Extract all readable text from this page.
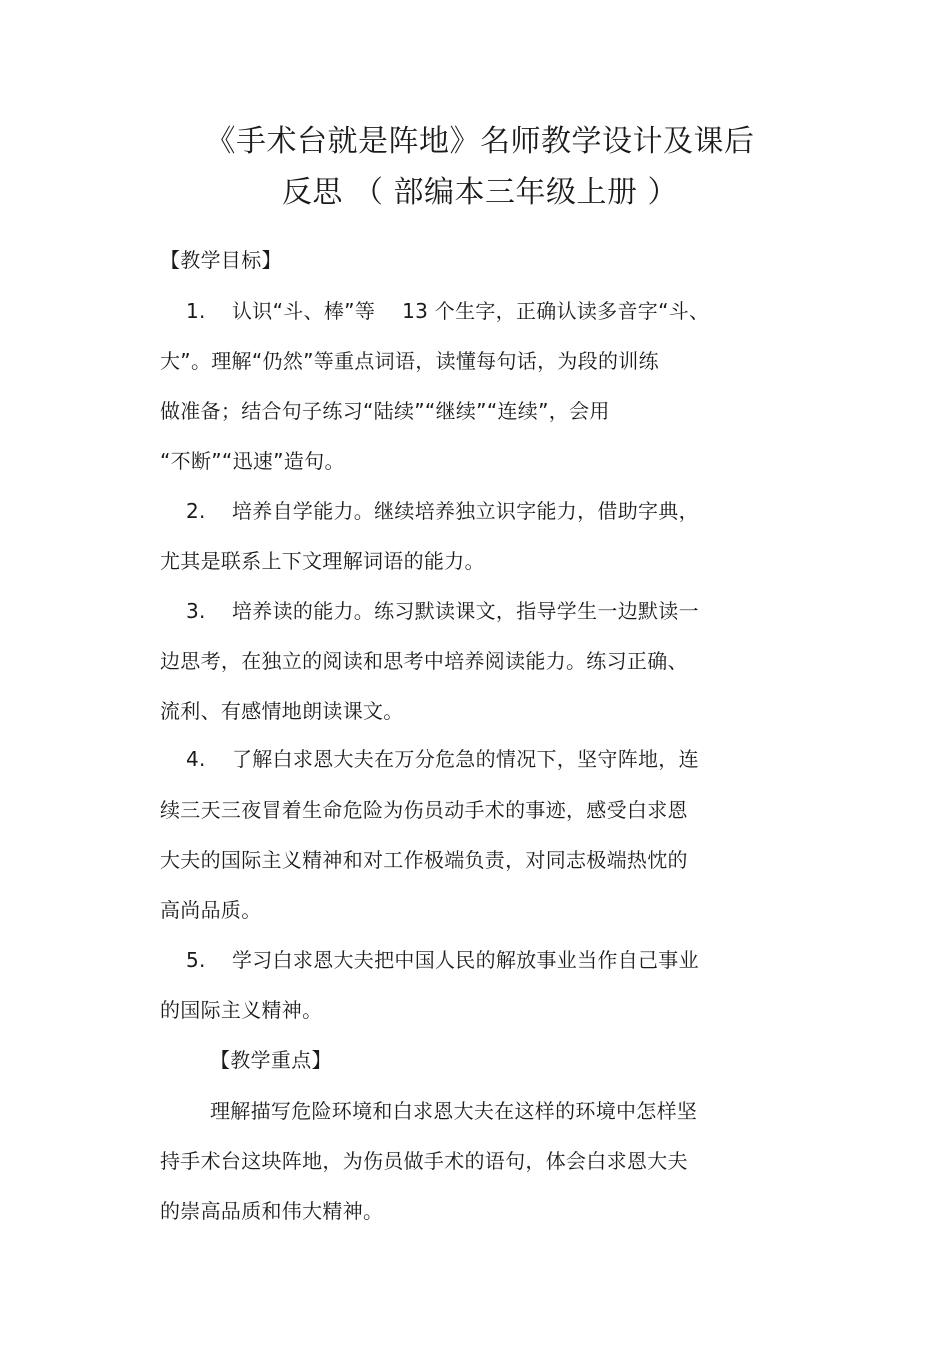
《手术台就是阵地》名师教学设计及课后
反思 （ 部编本三年级上册 ）
【教学目标】
1. 认识“斗、棒”等　 13 个生字，正确认读多音字“斗、
大”。理解“仍然”等重点词语，读懂每句话，为段的训练
做准备；结合句子练习“陆续”“继续”“连续”，会用
“不断”“迅速”造句。
2. 培养自学能力。继续培养独立识字能力，借助字典，
尤其是联系上下文理解词语的能力。
3. 培养读的能力。练习默读课文，指导学生一边默读一
边思考，在独立的阅读和思考中培养阅读能力。练习正确、
流利、有感情地朗读课文。
4. 了解白求恩大夫在万分危急的情况下，坚守阵地，连
续三天三夜冒着生命危险为伤员动手术的事迹，感受白求恩
大夫的国际主义精神和对工作极端负责，对同志极端热忱的
高尚品质。
5. 学习白求恩大夫把中国人民的解放事业当作自己事业
的国际主义精神。
【教学重点】
理解描写危险环境和白求恩大夫在这样的环境中怎样坚
持手术台这块阵地，为伤员做手术的语句，体会白求恩大夫
的崇高品质和伟大精神。
